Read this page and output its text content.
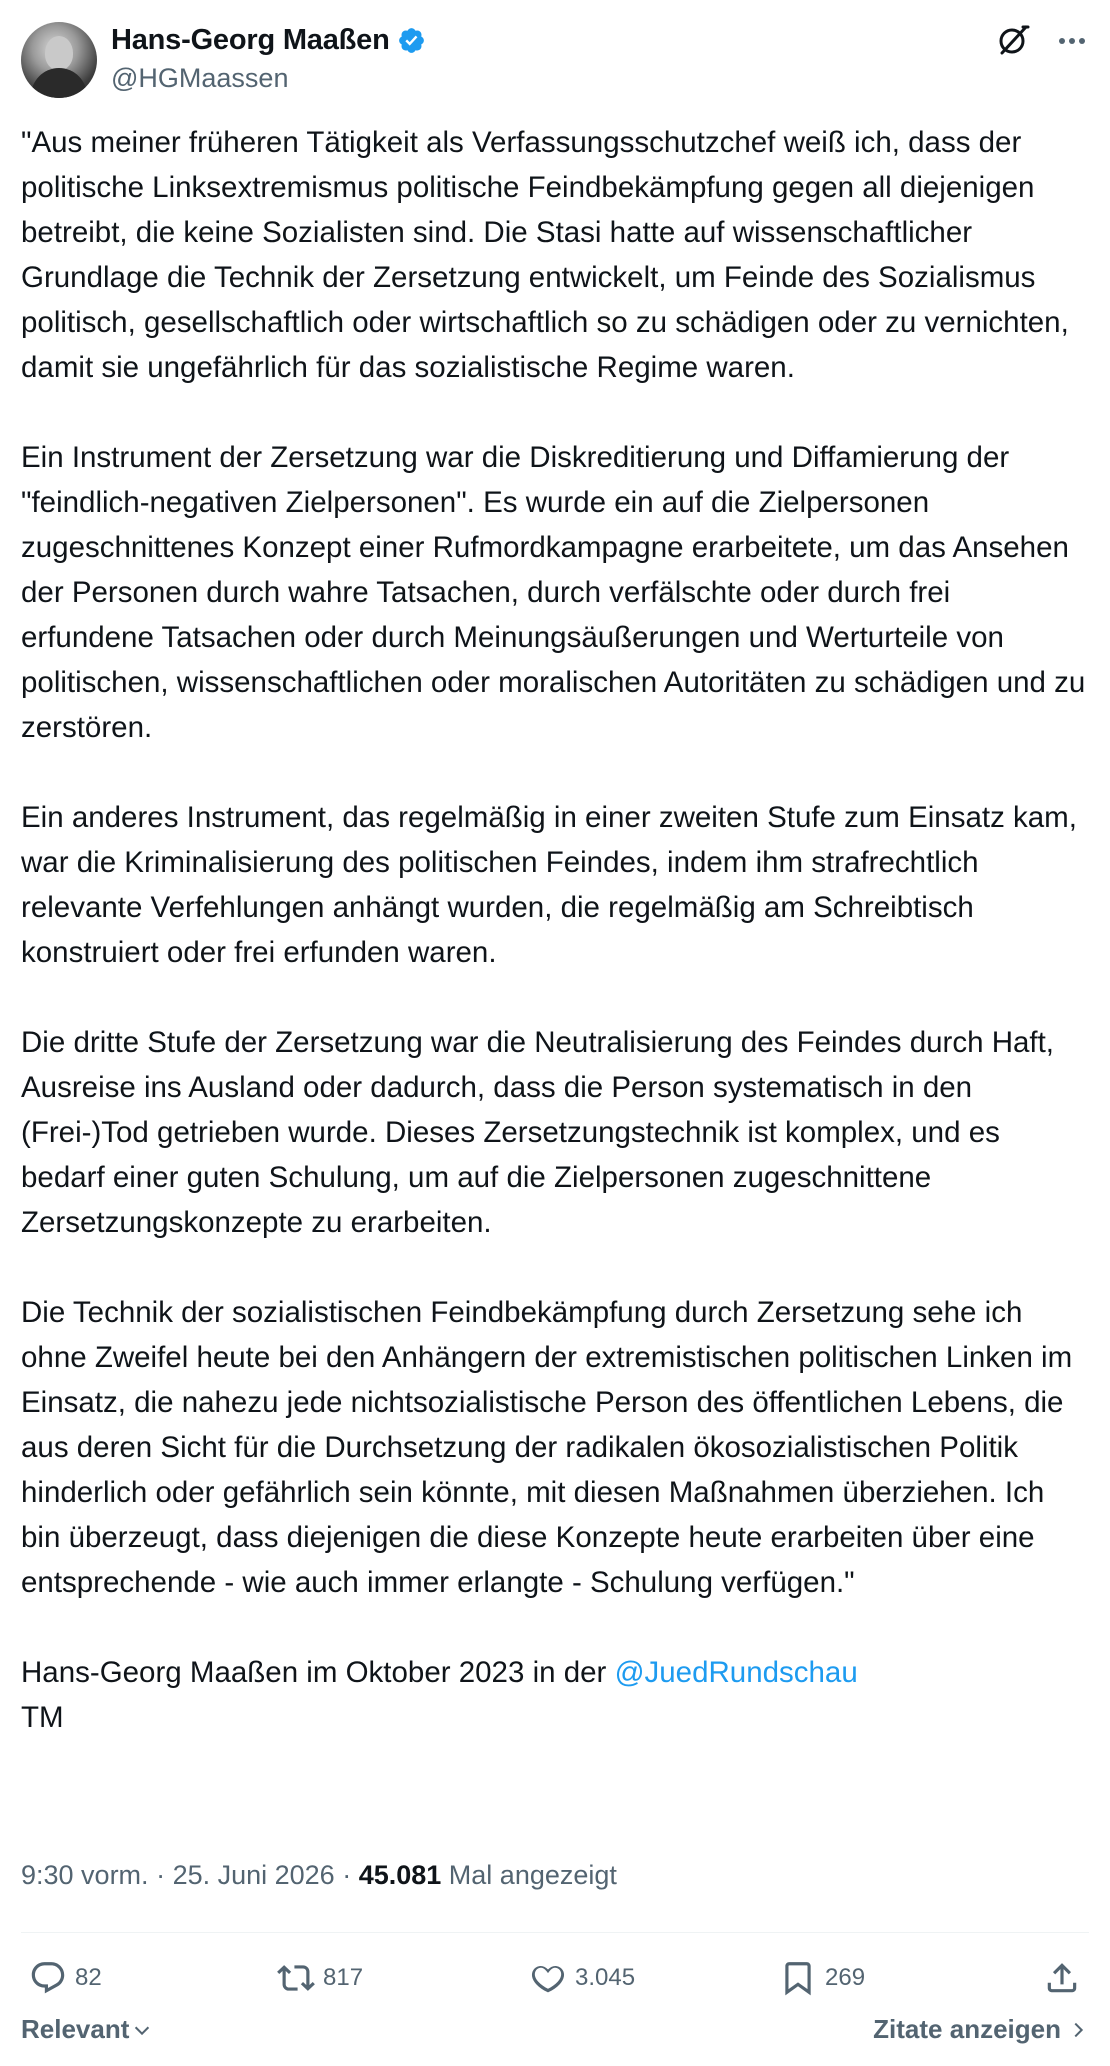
Hans-Georg Maaßen
@HGMaassen
"Aus meiner früheren Tätigkeit als Verfassungsschutzchef weiß ich, dass der politische Linksextremismus politische Feindbekämpfung gegen all diejenigen betreibt, die keine Sozialisten sind. Die Stasi hatte auf wissenschaftlicher Grundlage die Technik der Zersetzung entwickelt, um Feinde des Sozialismus politisch, gesellschaftlich oder wirtschaftlich so zu schädigen oder zu vernichten, damit sie ungefährlich für das sozialistische Regime waren.

Ein Instrument der Zersetzung war die Diskreditierung und Diffamierung der "feindlich-negativen Zielpersonen". Es wurde ein auf die Zielpersonen zugeschnittenes Konzept einer Rufmordkampagne erarbeitete, um das Ansehen der Personen durch wahre Tatsachen, durch verfälschte oder durch frei erfundene Tatsachen oder durch Meinungsäußerungen und Werturteile von politischen, wissenschaftlichen oder moralischen Autoritäten zu schädigen und zu zerstören.

Ein anderes Instrument, das regelmäßig in einer zweiten Stufe zum Einsatz kam, war die Kriminalisierung des politischen Feindes, indem ihm strafrechtlich relevante Verfehlungen anhängt wurden, die regelmäßig am Schreibtisch konstruiert oder frei erfunden waren.

Die dritte Stufe der Zersetzung war die Neutralisierung des Feindes durch Haft, Ausreise ins Ausland oder dadurch, dass die Person systematisch in den (Frei-)Tod getrieben wurde. Dieses Zersetzungstechnik ist komplex, und es bedarf einer guten Schulung, um auf die Zielpersonen zugeschnittene Zersetzungskonzepte zu erarbeiten.

Die Technik der sozialistischen Feindbekämpfung durch Zersetzung sehe ich ohne Zweifel heute bei den Anhängern der extremistischen politischen Linken im Einsatz, die nahezu jede nichtsozialistische Person des öffentlichen Lebens, die aus deren Sicht für die Durchsetzung der radikalen ökosozialistischen Politik hinderlich oder gefährlich sein könnte, mit diesen Maßnahmen überziehen. Ich bin überzeugt, dass diejenigen die diese Konzepte heute erarbeiten über eine entsprechende - wie auch immer erlangte - Schulung verfügen."

Hans-Georg Maaßen im Oktober 2023 in der @JuedRundschau
TM
9:30 vorm. · 25. Juni 2026 · 45.081 Mal angezeigt
82	817	3.045	269
Relevant	Zitate anzeigen
